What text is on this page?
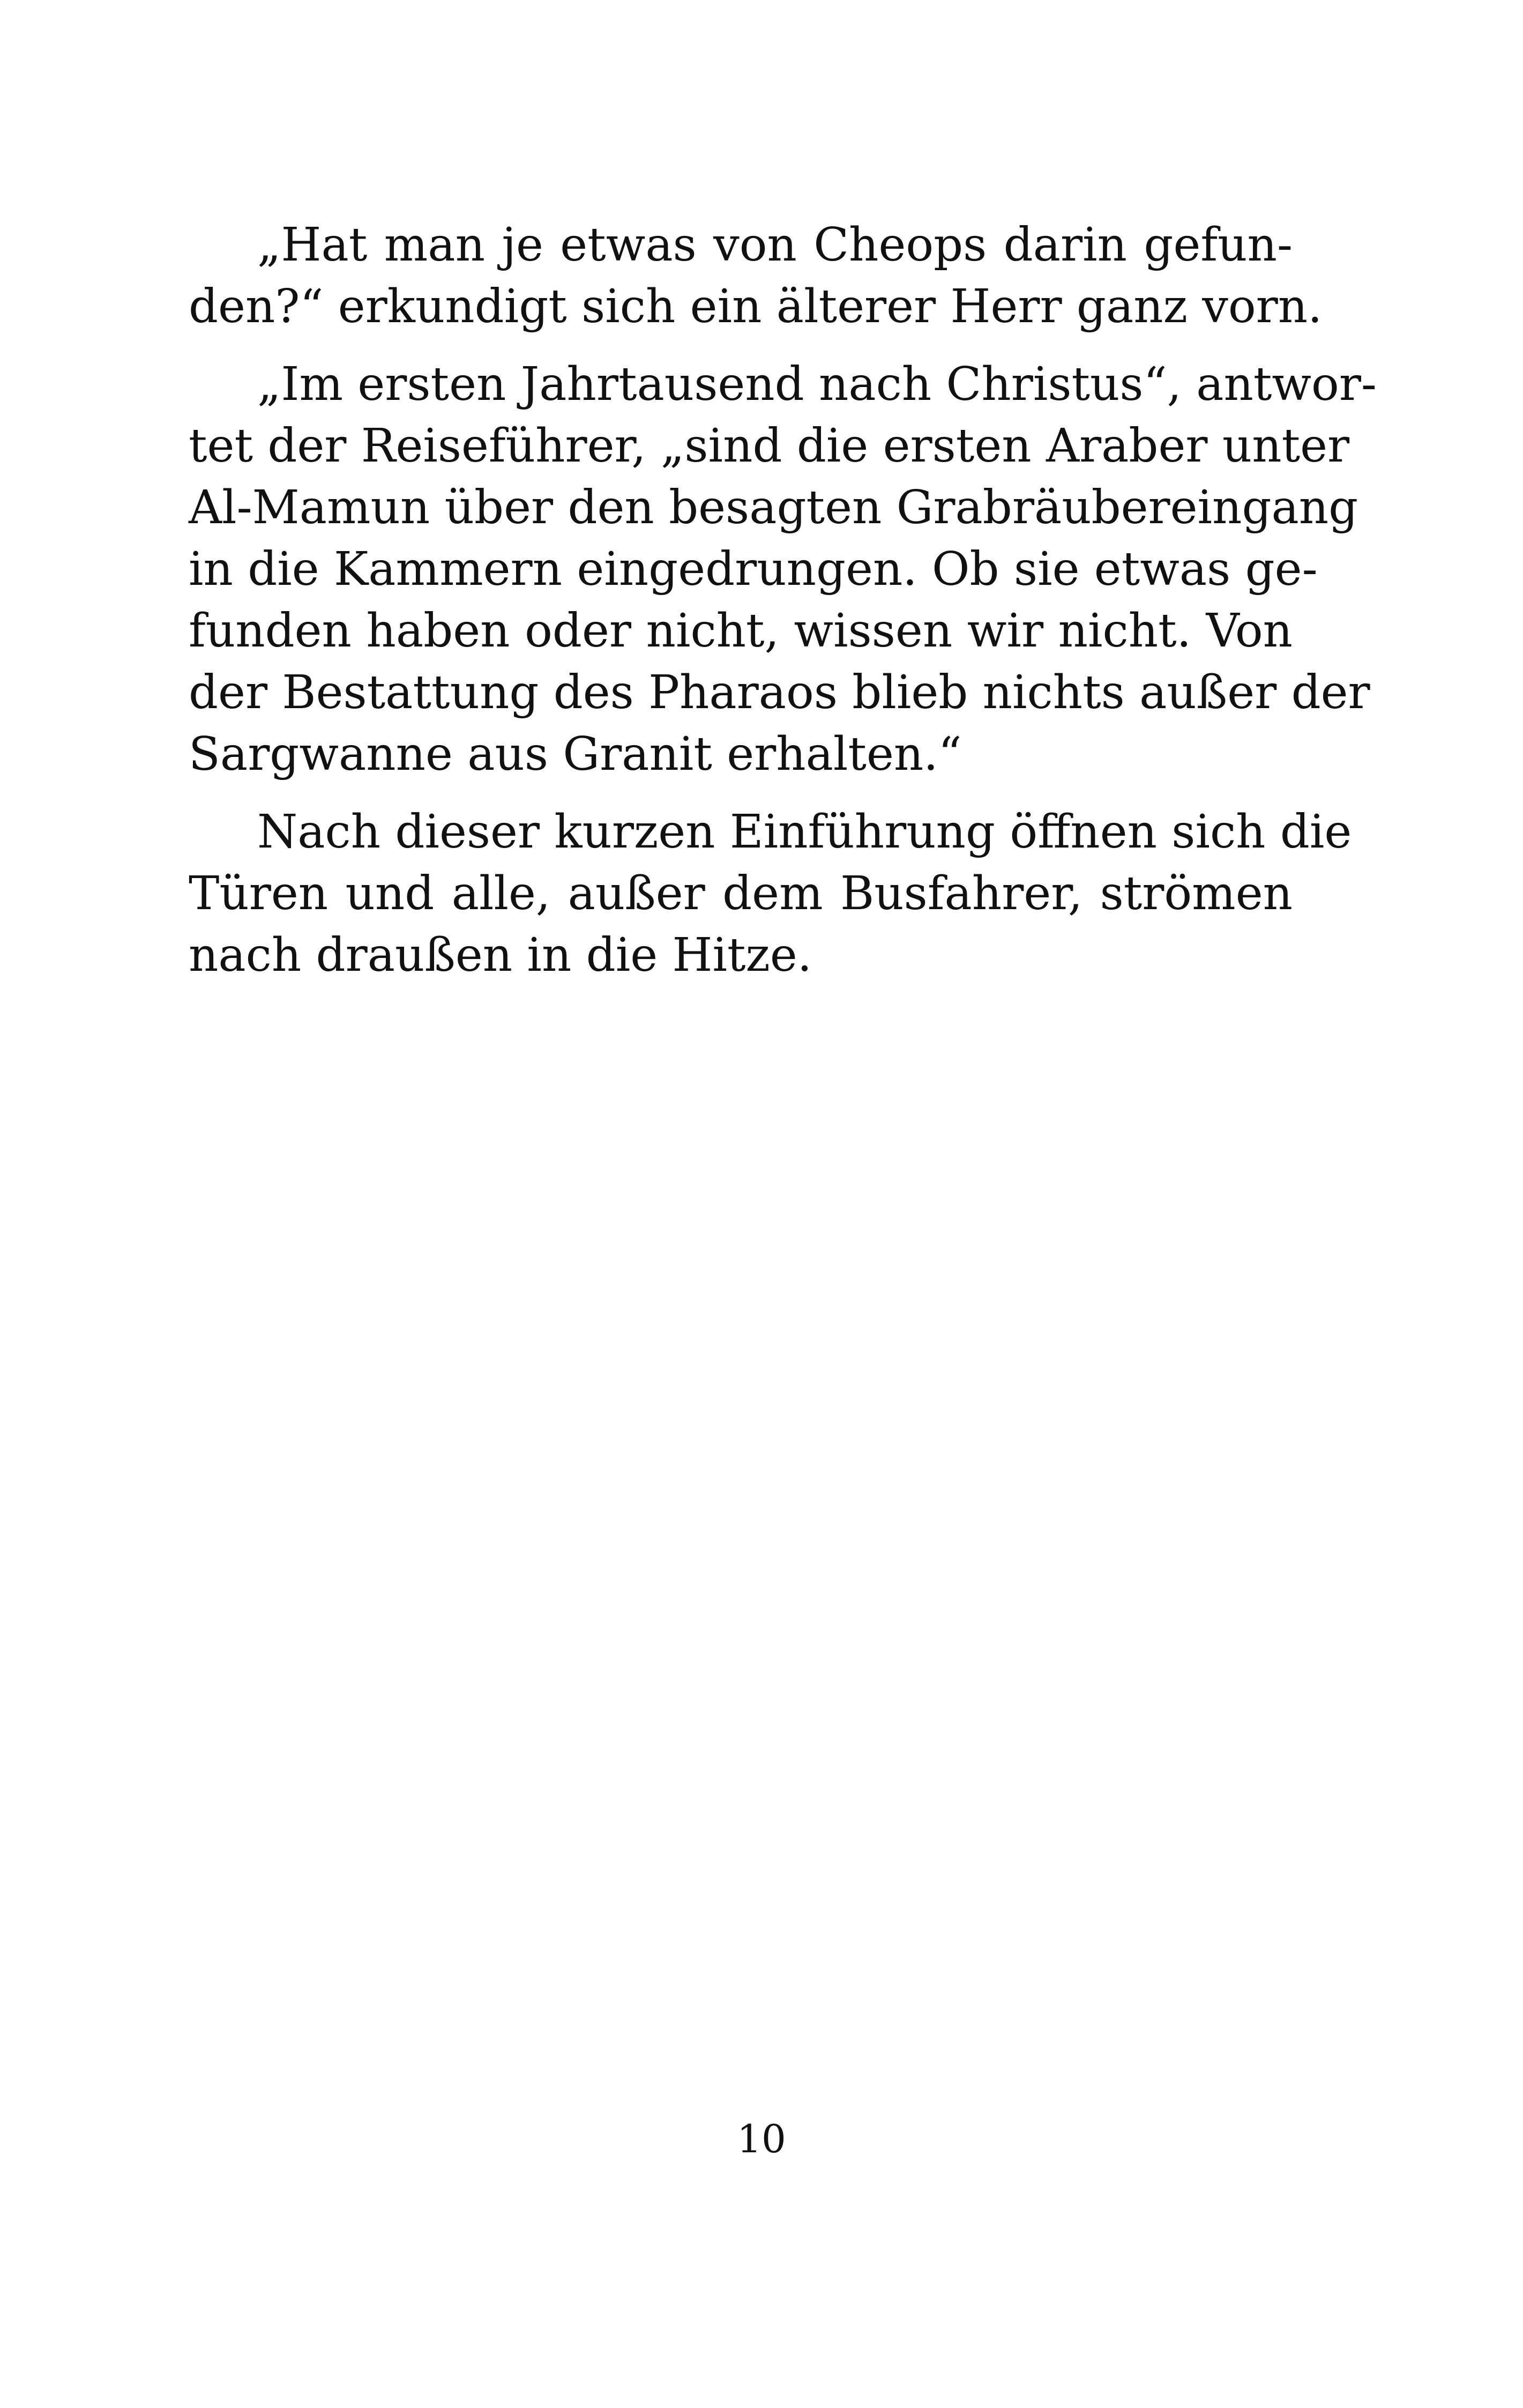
„Hat man je etwas von Cheops darin gefun-
den?“ erkundigt sich ein älterer Herr ganz vorn.

„Im ersten Jahrtausend nach Christus“, antwor-
tet der Reiseführer, „sind die ersten Araber unter
Al-Mamun über den besagten Grabräubereingang
in die Kammern eingedrungen. Ob sie etwas ge-
funden haben oder nicht, wissen wir nicht. Von
der Bestattung des Pharaos blieb nichts außer der
Sargwanne aus Granit erhalten.“

Nach dieser kurzen Einführung öffnen sich die
Türen und alle, außer dem Busfahrer, strömen
nach draußen in die Hitze.

10
